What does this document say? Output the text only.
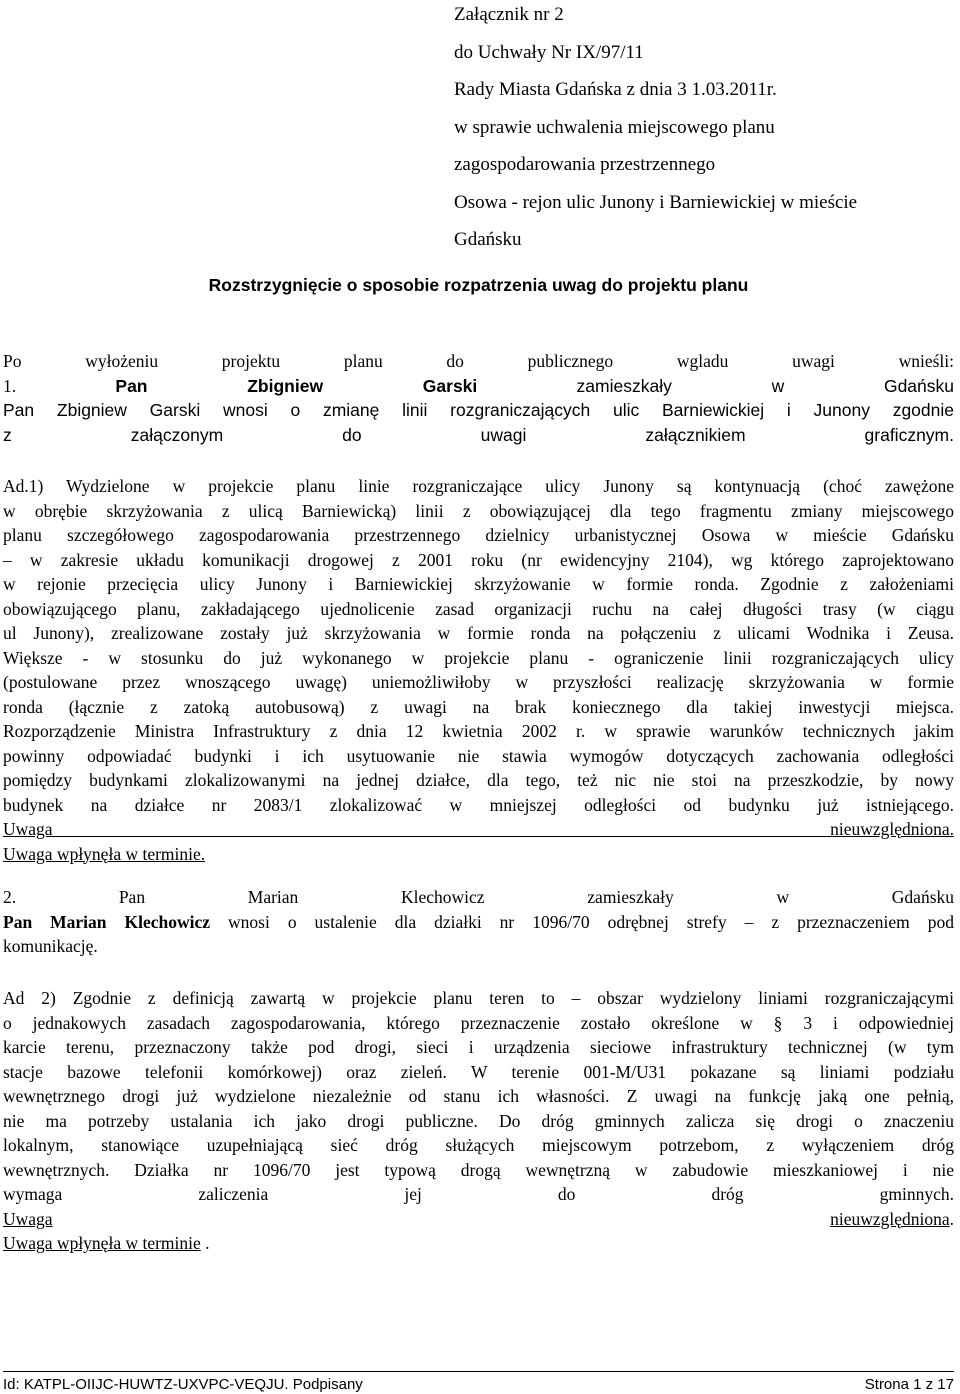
Załącznik nr 2
do Uchwały Nr IX/97/11
Rady Miasta Gdańska z dnia 3 1.03.2011r.
w sprawie uchwalenia miejscowego planu
zagospodarowania przestrzennego
Osowa - rejon ulic Junony i Barniewickiej w mieście
Gdańsku
Rozstrzygnięcie o sposobie rozpatrzenia uwag do projektu planu
Po wyłożeniu projektu planu do publicznego wgladu uwagi wnieśli:
1.	Pan Zbigniew Garski	zamieszkały w Gdańsku
Pan Zbigniew Garski wnosi o zmianę linii rozgraniczających ulic Barniewickiej i Junony zgodnie
z załączonym do uwagi załącznikiem graficznym.
Ad.1) Wydzielone w projekcie planu linie rozgraniczające ulicy Junony są kontynuacją (choć zawężone
w obrębie skrzyżowania z ulicą Barniewicką) linii z obowiązującej dla tego fragmentu zmiany miejscowego
planu szczegółowego zagospodarowania przestrzennego dzielnicy urbanistycznej Osowa w mieście Gdańsku
– w zakresie układu komunikacji drogowej z 2001 roku (nr ewidencyjny 2104), wg którego zaprojektowano
w rejonie przecięcia ulicy Junony i Barniewickiej skrzyżowanie w formie ronda. Zgodnie z założeniami
obowiązującego planu, zakładającego ujednolicenie zasad organizacji ruchu na całej długości trasy (w ciągu
ul Junony), zrealizowane zostały już skrzyżowania w formie ronda na połączeniu z ulicami Wodnika i Zeusa.
Większe - w stosunku do już wykonanego w projekcie planu - ograniczenie linii rozgraniczających ulicy
(postulowane przez wnoszącego uwagę) uniemożliwiłoby w przyszłości realizację skrzyżowania w formie
ronda (łącznie z zatoką autobusową) z uwagi na brak koniecznego dla takiej inwestycji miejsca.
Rozporządzenie Ministra Infrastruktury z dnia 12 kwietnia 2002 r. w sprawie warunków technicznych jakim
powinny odpowiadać budynki i ich usytuowanie nie stawia wymogów dotyczących zachowania odległości
pomiędzy budynkami zlokalizowanymi na jednej działce, dla tego, też nic nie stoi na przeszkodzie, by nowy
budynek na działce nr 2083/1 zlokalizować w mniejszej odległości od budynku już istniejącego.
Uwaga	nieuwzględniona.
Uwaga wpłynęła w terminie.
2.	Pan Marian Klechowicz	zamieszkały w Gdańsku
Pan Marian Klechowicz wnosi o ustalenie dla działki nr 1096/70 odrębnej strefy – z przeznaczeniem pod
komunikację.
Ad 2) Zgodnie z definicją zawartą w projekcie planu teren to – obszar wydzielony liniami rozgraniczającymi
o jednakowych zasadach zagospodarowania, którego przeznaczenie zostało określone w § 3 i odpowiedniej
karcie terenu, przeznaczony także pod drogi, sieci i urządzenia sieciowe infrastruktury technicznej (w tym
stacje bazowe telefonii komórkowej) oraz zieleń. W terenie 001-M/U31 pokazane są liniami podziału
wewnętrznego drogi już wydzielone niezależnie od stanu ich własności. Z uwagi na funkcję jaką one pełnią,
nie ma potrzeby ustalania ich jako drogi publiczne. Do dróg gminnych zalicza się drogi o znaczeniu
lokalnym, stanowiące uzupełniającą sieć dróg służących miejscowym potrzebom, z wyłączeniem dróg
wewnętrznych. Działka nr 1096/70 jest typową drogą wewnętrzną w zabudowie mieszkaniowej i nie
wymaga zaliczenia jej do dróg gminnych.
Uwaga	nieuwzględniona.
Uwaga wpłynęła w terminie .
Id: KATPL-OIIJC-HUWTZ-UXVPC-VEQJU. Podpisany	Strona 1 z 17
